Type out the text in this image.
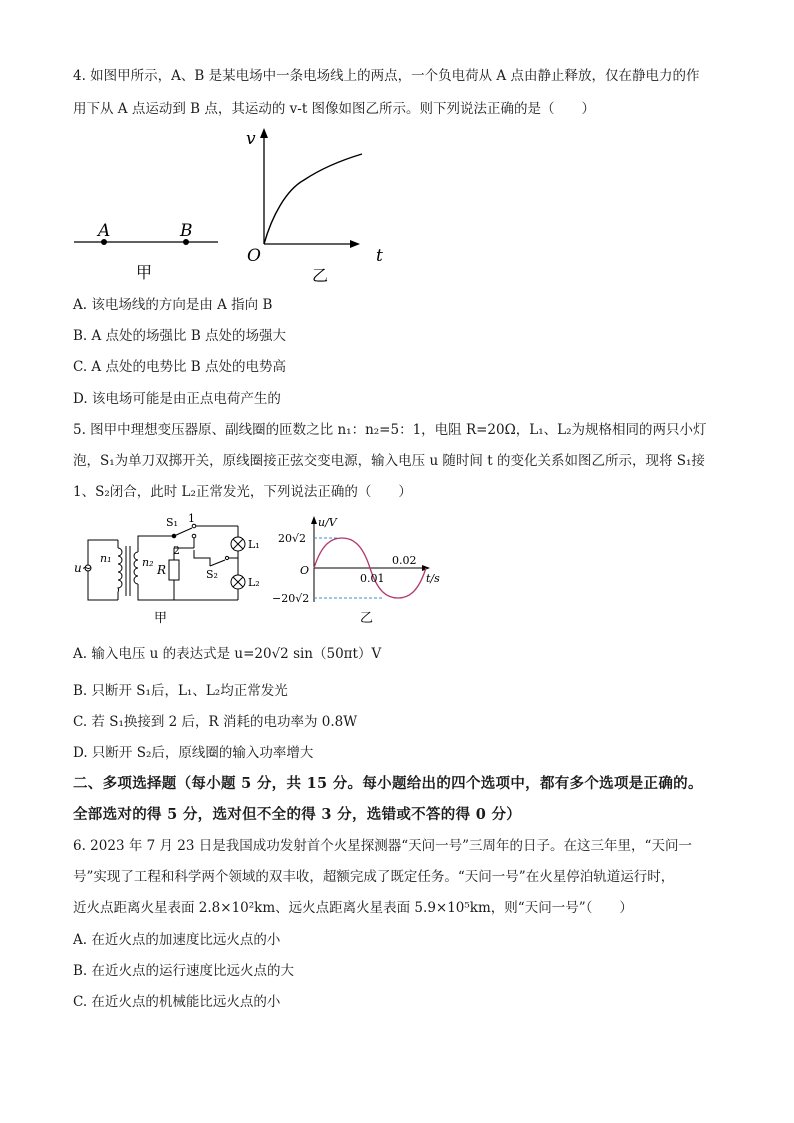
4. 如图甲所示，A、B 是某电场中一条电场线上的两点，一个负电荷从 A 点由静止释放，仅在静电力的作
用下从 A 点运动到 B 点，其运动的 v-t 图像如图乙所示。则下列说法正确的是（　　）
A	B
甲
v
t
O
乙
A. 该电场线的方向是由 A 指向 B
B. A 点处的场强比 B 点处的场强大
C. A 点处的电势比 B 点处的电势高
D. 该电场可能是由正点电荷产生的
5. 图甲中理想变压器原、副线圈的匝数之比 n₁：n₂=5：1，电阻 R=20Ω，L₁、L₂为规格相同的两只小灯
泡，S₁为单刀双掷开关，原线圈接正弦交变电源，输入电压 u 随时间 t 的变化关系如图乙所示，现将 S₁接
1、S₂闭合，此时 L₂正常发光，下列说法正确的（　　）
u~
n₁	n₂
S₁ 1
2
R	S₂
L₁
L₂
甲
u/V
20√2
−20√2
O
0.01
0.02
t/s
乙
A. 输入电压 u 的表达式是 u=20√2 sin（50πt）V
B. 只断开 S₁后，L₁、L₂均正常发光
C. 若 S₁换接到 2 后，R 消耗的电功率为 0.8W
D. 只断开 S₂后，原线圈的输入功率增大
二、多项选择题（每小题 5 分，共 15 分。每小题给出的四个选项中，都有多个选项是正确的。
全部选对的得 5 分，选对但不全的得 3 分，选错或不答的得 0 分）
6. 2023 年 7 月 23 日是我国成功发射首个火星探测器“天问一号”三周年的日子。在这三年里，“天问一
号”实现了工程和科学两个领域的双丰收，超额完成了既定任务。“天问一号”在火星停泊轨道运行时，
近火点距离火星表面 2.8×10²km、远火点距离火星表面 5.9×10⁵km，则“天问一号”（　　）
A. 在近火点的加速度比远火点的小
B. 在近火点的运行速度比远火点的大
C. 在近火点的机械能比远火点的小
